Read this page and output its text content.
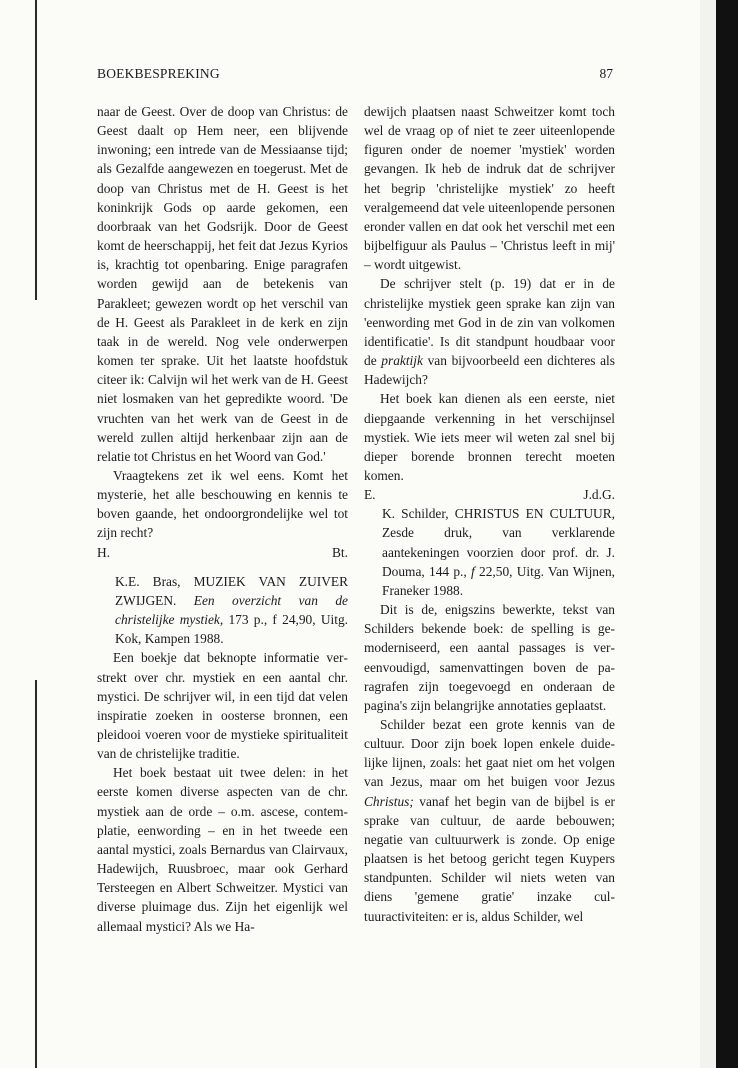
BOEKBESPREKING	87

naar de Geest. Over de doop van Christus: de Geest daalt op Hem neer, een blijvende inwoning; een intrede van de Messiaanse tijd; als Gezalfde aangewezen en toegerust. Met de doop van Christus met de H. Geest is het koninkrijk Gods op aarde gekomen, een doorbraak van het Godsrijk. Door de Geest komt de heerschappij, het feit dat Jezus Kyrios is, krachtig tot openbaring. Enige paragrafen worden gewijd aan de betekenis van Parakleet; gewezen wordt op het verschil van de H. Geest als Parakleet in de kerk en zijn taak in de wereld. Nog vele onderwerpen komen ter sprake. Uit het laatste hoofdstuk citeer ik: Calvijn wil het werk van de H. Geest niet losmaken van het gepredikte woord. 'De vruchten van het werk van de Geest in de wereld zullen altijd herkenbaar zijn aan de relatie tot Christus en het Woord van God.'

Vraagtekens zet ik wel eens. Komt het mysterie, het alle beschouwing en kennis te boven gaande, het ondoorgrondelijke wel tot zijn recht?

H.	Bt.

K.E. Bras, MUZIEK VAN ZUIVER ZWIJGEN. Een overzicht van de christelijke mystiek, 173 p., f 24,90, Uitg. Kok, Kampen 1988.

Een boekje dat beknopte informatie verstrekt over chr. mystiek en een aantal chr. mystici. De schrijver wil, in een tijd dat velen inspiratie zoeken in oosterse bronnen, een pleidooi voeren voor de mystieke spiritualiteit van de christelijke traditie.

Het boek bestaat uit twee delen: in het eerste komen diverse aspecten van de chr. mystiek aan de orde – o.m. ascese, contemplatie, eenwording – en in het tweede een aantal mystici, zoals Bernardus van Clairvaux, Hadewijch, Ruusbroec, maar ook Gerhard Tersteegen en Albert Schweitzer. Mystici van diverse pluimage dus. Zijn het eigenlijk wel allemaal mystici? Als we Ha-

dewijch plaatsen naast Schweitzer komt toch wel de vraag op of niet te zeer uiteenlopende figuren onder de noemer 'mystiek' worden gevangen. Ik heb de indruk dat de schrijver het begrip 'christelijke mystiek' zo heeft veralgemeend dat vele uiteenlopende personen eronder vallen en dat ook het verschil met een bijbelfiguur als Paulus – 'Christus leeft in mij' – wordt uitgewist.

De schrijver stelt (p. 19) dat er in de christelijke mystiek geen sprake kan zijn van 'eenwording met God in de zin van volkomen identificatie'. Is dit standpunt houdbaar voor de praktijk van bijvoorbeeld een dichteres als Hadewijch?

Het boek kan dienen als een eerste, niet diepgaande verkenning in het verschijnsel mystiek. Wie iets meer wil weten zal snel bij dieper borende bronnen terecht moeten komen.

E.	J.d.G.

K. Schilder, CHRISTUS EN CULTUUR, Zesde druk, van verklarende aantekeningen voorzien door prof. dr. J. Douma, 144 p., f 22,50, Uitg. Van Wijnen, Franeker 1988.

Dit is de, enigszins bewerkte, tekst van Schilders bekende boek: de spelling is gemoderniseerd, een aantal passages is vereenvoudigd, samenvattingen boven de paragrafen zijn toegevoegd en onderaan de pagina's zijn belangrijke annotaties geplaatst.

Schilder bezat een grote kennis van de cultuur. Door zijn boek lopen enkele duidelijke lijnen, zoals: het gaat niet om het volgen van Jezus, maar om het buigen voor Jezus Christus; vanaf het begin van de bijbel is er sprake van cultuur, de aarde bebouwen; negatie van cultuurwerk is zonde. Op enige plaatsen is het betoog gericht tegen Kuypers standpunten. Schilder wil niets weten van diens 'gemene gratie' inzake cultuuractiviteiten: er is, aldus Schilder, wel
